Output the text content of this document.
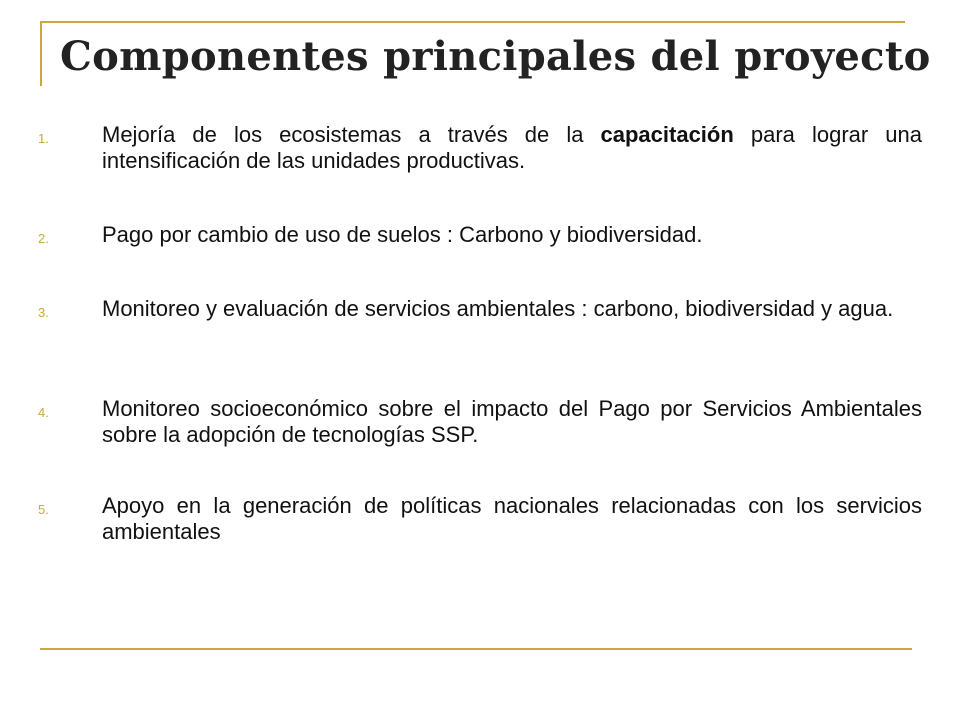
Componentes principales del proyecto
1.	Mejoría de los ecosistemas a través de la capacitación para lograr una intensificación de las unidades productivas.
2.	Pago por cambio de uso de suelos : Carbono y biodiversidad.
3.	Monitoreo y evaluación de servicios ambientales : carbono, biodiversidad y agua.
4.	Monitoreo socioeconómico sobre el impacto del Pago por Servicios Ambientales sobre la adopción de tecnologías SSP.
5.	Apoyo en la generación de políticas nacionales relacionadas con los servicios ambientales
